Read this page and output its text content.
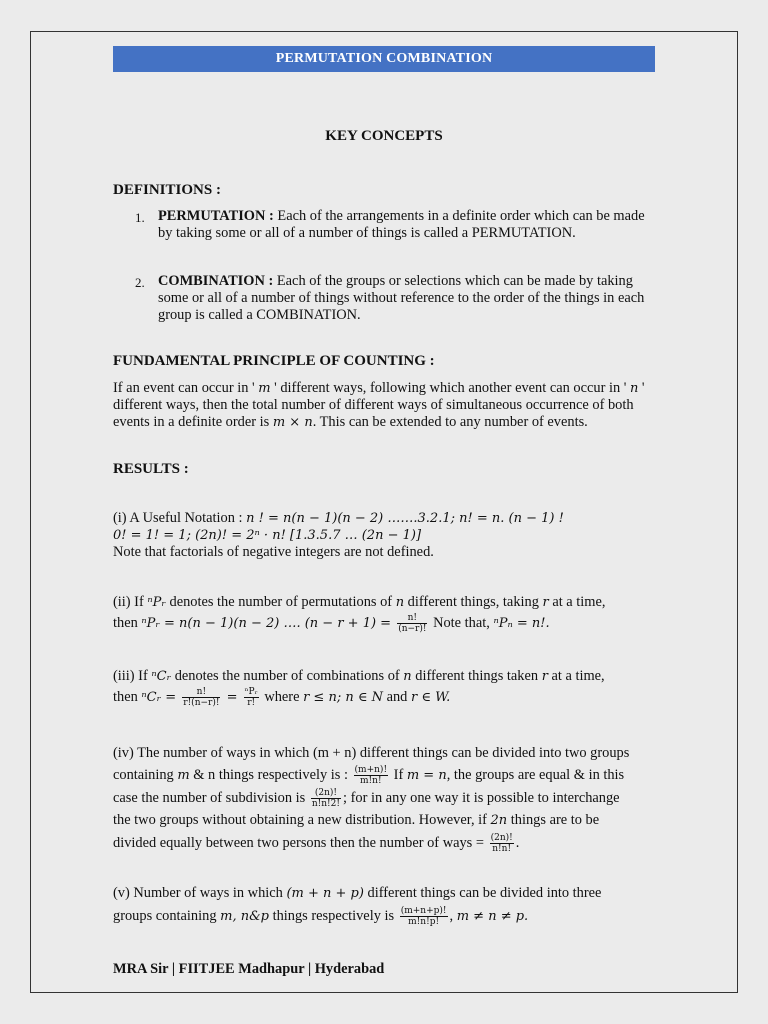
PERMUTATION COMBINATION
KEY CONCEPTS
DEFINITIONS :
1. PERMUTATION : Each of the arrangements in a definite order which can be made by taking some or all of a number of things is called a PERMUTATION.
2. COMBINATION : Each of the groups or selections which can be made by taking some or all of a number of things without reference to the order of the things in each group is called a COMBINATION.
FUNDAMENTAL PRINCIPLE OF COUNTING :
If an event can occur in ' m ' different ways, following which another event can occur in ' n ' different ways, then the total number of different ways of simultaneous occurrence of both events in a definite order is m × n. This can be extended to any number of events.
RESULTS :
(i) A Useful Notation : n ! = n(n − 1)(n − 2) …….3.2.1; n! = n. (n − 1) !
0! = 1! = 1; (2n)! = 2ⁿ · n! [1.3.5.7 … (2n − 1)]
Note that factorials of negative integers are not defined.
(ii) If ⁿPᵣ denotes the number of permutations of n different things, taking r at a time,
then ⁿPᵣ = n(n − 1)(n − 2) …. $(n - r + 1) = \frac{n!}{(n-r)!}$ Note that, ⁿPₙ = n!.
(iii) If ⁿCᵣ denotes the number of combinations of n different things taken r at a time,
then ⁿCᵣ = $\frac{n!}{r!(n-r)!} = \frac{\text{ⁿPᵣ}}{r!}$ where r ≤ n; n ∈ N and r ∈ W.
(iv) The number of ways in which (m + n) different things can be divided into two groups
containing m & n things respectively is : $\frac{(m+n)!}{m!n!}$ If m = n, the groups are equal & in this
case the number of subdivision is $\frac{(2n)!}{n!n!2!}$ ; for in any one way it is possible to interchange
the two groups without obtaining a new distribution. However, if 2n things are to be
divided equally between two persons then the number of ways = $\frac{(2n)!}{n!n!}$ .
(v) Number of ways in which (m + n + p) different things can be divided into three
groups containing m, n&p things respectively is $\frac{(m+n+p)!}{m!n!p!}$ , m ≠ n ≠ p.
MRA Sir | FIITJEE Madhapur | Hyderabad
